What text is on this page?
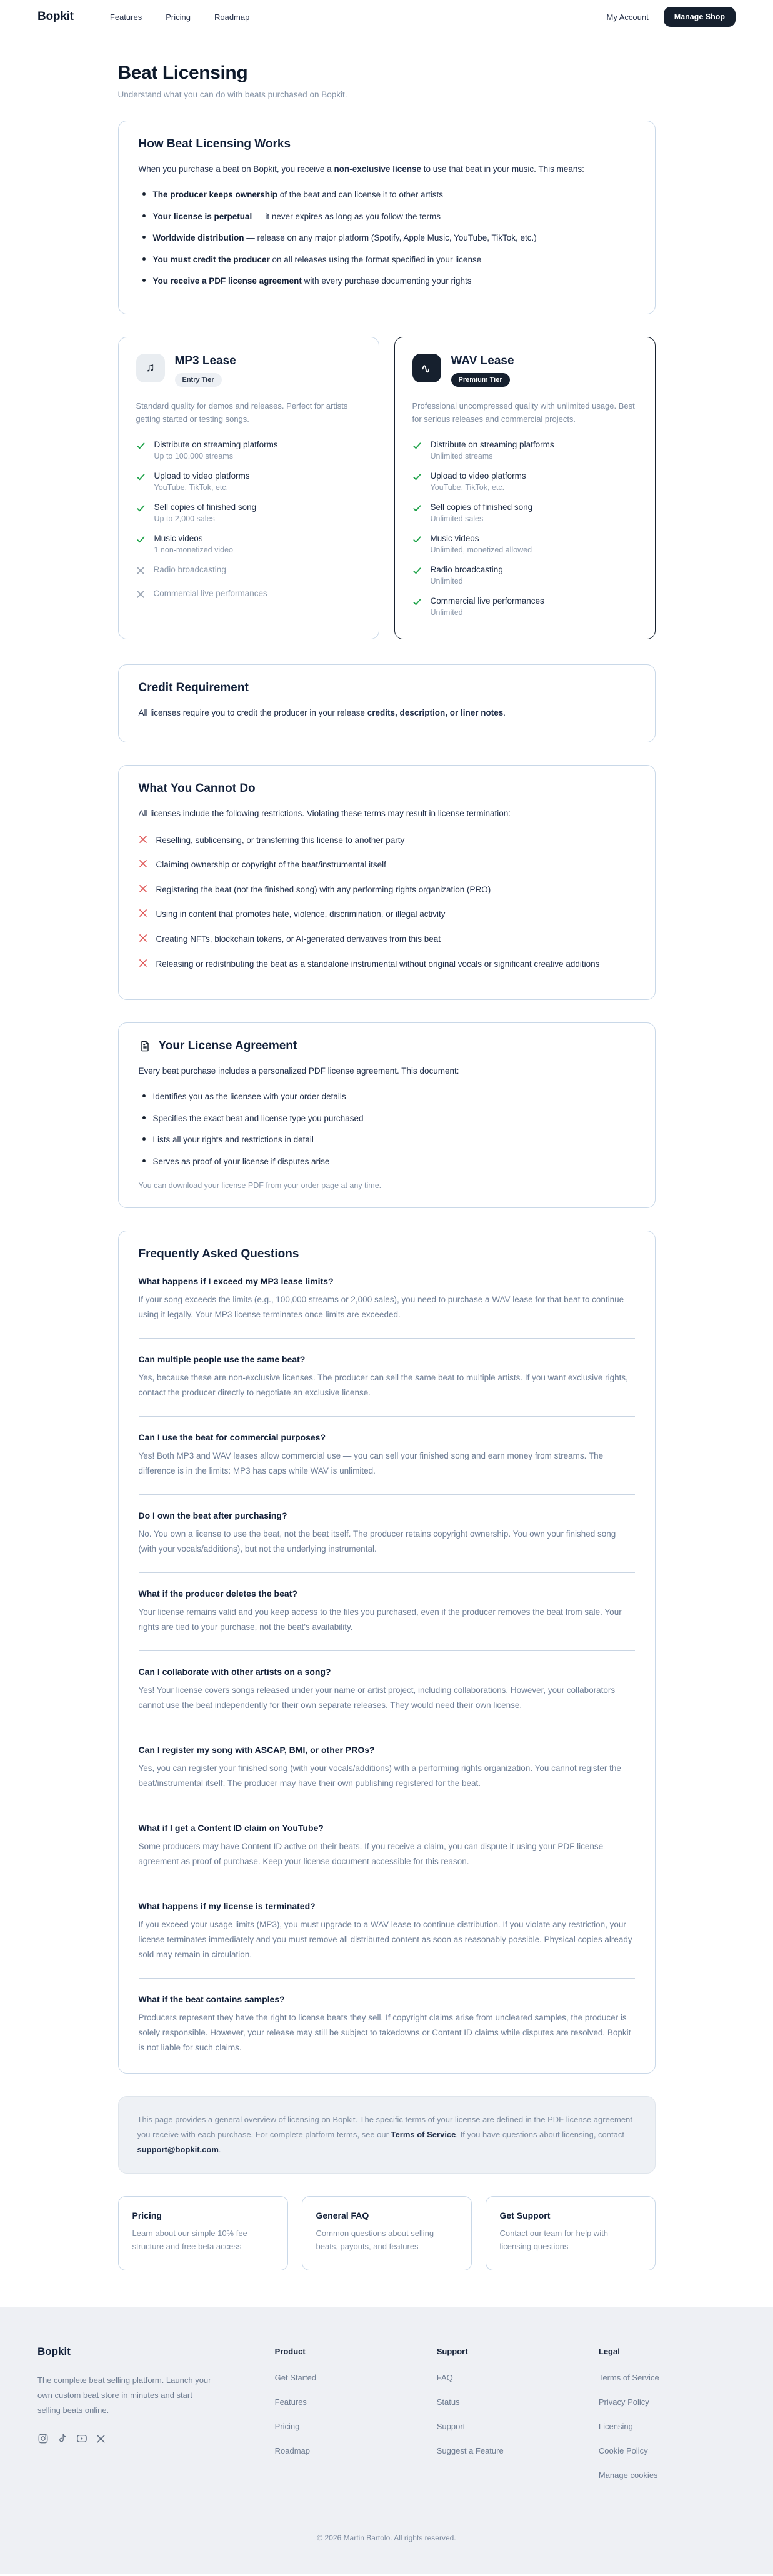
Bopkit	Features	Pricing	Roadmap	My Account	Manage Shop
Beat Licensing

Understand what you can do with beats purchased on Bopkit.

How Beat Licensing Works

When you purchase a beat on Bopkit, you receive a non-exclusive license to use that beat in your music. This means:

The producer keeps ownership of the beat and can license it to other artists
Your license is perpetual — it never expires as long as you follow the terms
Worldwide distribution — release on any major platform (Spotify, Apple Music, YouTube, TikTok, etc.)
You must credit the producer on all releases using the format specified in your license
You receive a PDF license agreement with every purchase documenting your rights
♫
MP3 Lease
Entry Tier

Standard quality for demos and releases. Perfect for artists getting started or testing songs.

Distribute on streaming platforms
Up to 100,000 streams
Upload to video platforms
YouTube, TikTok, etc.
Sell copies of finished song
Up to 2,000 sales
Music videos
1 non-monetized video
Radio broadcasting
Commercial live performances
WAV Lease
Premium Tier

Professional uncompressed quality with unlimited usage. Best for serious releases and commercial projects.

Distribute on streaming platforms
Unlimited streams
Upload to video platforms
YouTube, TikTok, etc.
Sell copies of finished song
Unlimited sales
Music videos
Unlimited, monetized allowed
Radio broadcasting
Unlimited
Commercial live performances
Unlimited
Credit Requirement

All licenses require you to credit the producer in your release credits, description, or liner notes.

What You Cannot Do

All licenses include the following restrictions. Violating these terms may result in license termination:

Reselling, sublicensing, or transferring this license to another party
Claiming ownership or copyright of the beat/instrumental itself
Registering the beat (not the finished song) with any performing rights organization (PRO)
Using in content that promotes hate, violence, discrimination, or illegal activity
Creating NFTs, blockchain tokens, or AI-generated derivatives from this beat
Releasing or redistributing the beat as a standalone instrumental without original vocals or significant creative additions
Your License Agreement

Every beat purchase includes a personalized PDF license agreement. This document:

Identifies you as the licensee with your order details
Specifies the exact beat and license type you purchased
Lists all your rights and restrictions in detail
Serves as proof of your license if disputes arise

You can download your license PDF from your order page at any time.

Frequently Asked Questions
What happens if I exceed my MP3 lease limits?

If your song exceeds the limits (e.g., 100,000 streams or 2,000 sales), you need to purchase a WAV lease for that beat to continue using it legally. Your MP3 license terminates once limits are exceeded.

Can multiple people use the same beat?

Yes, because these are non-exclusive licenses. The producer can sell the same beat to multiple artists. If you want exclusive rights, contact the producer directly to negotiate an exclusive license.

Can I use the beat for commercial purposes?

Yes! Both MP3 and WAV leases allow commercial use — you can sell your finished song and earn money from streams. The difference is in the limits: MP3 has caps while WAV is unlimited.

Do I own the beat after purchasing?

No. You own a license to use the beat, not the beat itself. The producer retains copyright ownership. You own your finished song (with your vocals/additions), but not the underlying instrumental.

What if the producer deletes the beat?

Your license remains valid and you keep access to the files you purchased, even if the producer removes the beat from sale. Your rights are tied to your purchase, not the beat's availability.

Can I collaborate with other artists on a song?

Yes! Your license covers songs released under your name or artist project, including collaborations. However, your collaborators cannot use the beat independently for their own separate releases. They would need their own license.

Can I register my song with ASCAP, BMI, or other PROs?

Yes, you can register your finished song (with your vocals/additions) with a performing rights organization. You cannot register the beat/instrumental itself. The producer may have their own publishing registered for the beat.

What if I get a Content ID claim on YouTube?

Some producers may have Content ID active on their beats. If you receive a claim, you can dispute it using your PDF license agreement as proof of purchase. Keep your license document accessible for this reason.

What happens if my license is terminated?

If you exceed your usage limits (MP3), you must upgrade to a WAV lease to continue distribution. If you violate any restriction, your license terminates immediately and you must remove all distributed content as soon as reasonably possible. Physical copies already sold may remain in circulation.

What if the beat contains samples?

Producers represent they have the right to license beats they sell. If copyright claims arise from uncleared samples, the producer is solely responsible. However, your release may still be subject to takedowns or Content ID claims while disputes are resolved. Bopkit is not liable for such claims.

This page provides a general overview of licensing on Bopkit. The specific terms of your license are defined in the PDF license agreement you receive with each purchase. For complete platform terms, see our Terms of Service. If you have questions about licensing, contact support@bopkit.com.
Pricing

Learn about our simple 10% fee structure and free beta access

General FAQ

Common questions about selling beats, payouts, and features

Get Support

Contact our team for help with licensing questions

Bopkit

The complete beat selling platform. Launch your own custom beat store in minutes and start selling beats online.

Product
Get Started
Features
Pricing
Roadmap
Support
FAQ
Status
Support
Suggest a Feature
Legal
Terms of Service
Privacy Policy
Licensing
Cookie Policy
Manage cookies

© 2026 Martin Bartolo. All rights reserved.
